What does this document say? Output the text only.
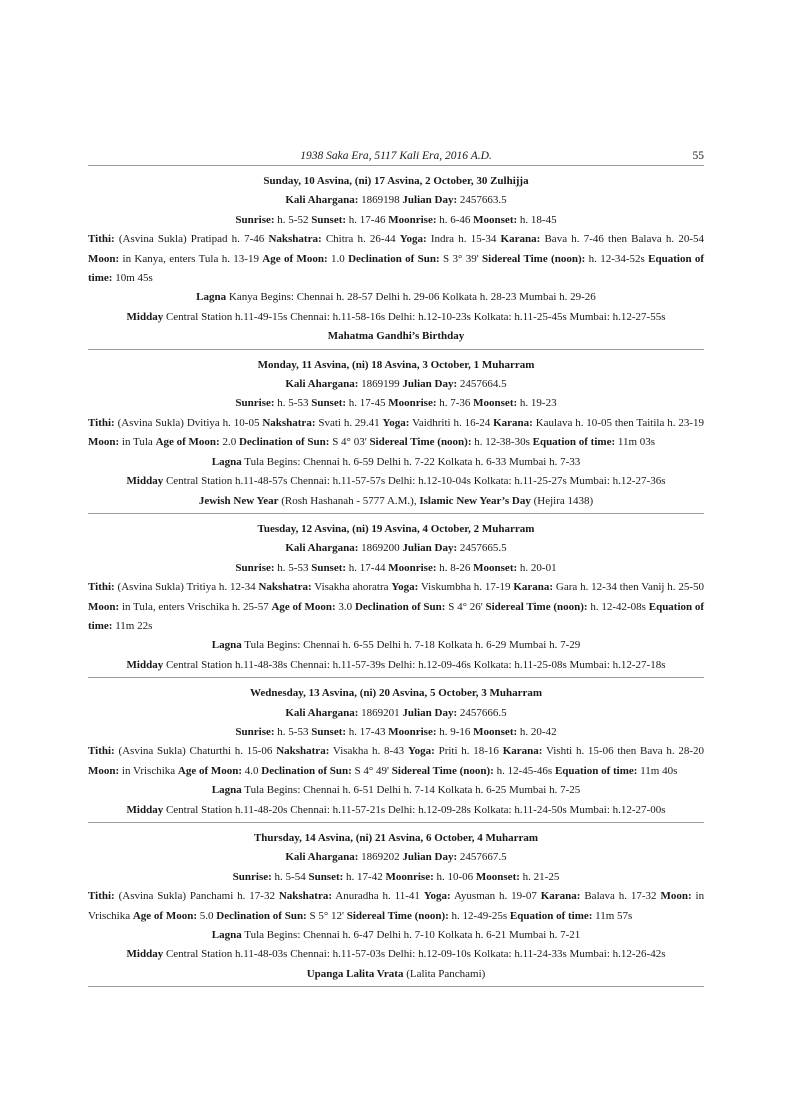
1938 Saka Era, 5117 Kali Era, 2016 A.D.	55
Sunday, 10 Asvina, (ni) 17 Asvina, 2 October, 30 Zulhijja
Kali Ahargana: 1869198 Julian Day: 2457663.5
Sunrise: h. 5-52 Sunset: h. 17-46 Moonrise: h. 6-46 Moonset: h. 18-45
Tithi: (Asvina Sukla) Pratipad h. 7-46 Nakshatra: Chitra h. 26-44 Yoga: Indra h. 15-34 Karana: Bava h. 7-46 then Balava h. 20-54 Moon: in Kanya, enters Tula h. 13-19 Age of Moon: 1.0 Declination of Sun: S 3° 39' Sidereal Time (noon): h. 12-34-52s Equation of time: 10m 45s
Lagna Kanya Begins: Chennai h. 28-57 Delhi h. 29-06 Kolkata h. 28-23 Mumbai h. 29-26
Midday Central Station h.11-49-15s Chennai: h.11-58-16s Delhi: h.12-10-23s Kolkata: h.11-25-45s Mumbai: h.12-27-55s
Mahatma Gandhi’s Birthday
Monday, 11 Asvina, (ni) 18 Asvina, 3 October, 1 Muharram
Kali Ahargana: 1869199 Julian Day: 2457664.5
Sunrise: h. 5-53 Sunset: h. 17-45 Moonrise: h. 7-36 Moonset: h. 19-23
Tithi: (Asvina Sukla) Dvitiya h. 10-05 Nakshatra: Svati h. 29.41 Yoga: Vaidhriti h. 16-24 Karana: Kaulava h. 10-05 then Taitila h. 23-19 Moon: in Tula Age of Moon: 2.0 Declination of Sun: S 4° 03' Sidereal Time (noon): h. 12-38-30s Equation of time: 11m 03s
Lagna Tula Begins: Chennai h. 6-59 Delhi h. 7-22 Kolkata h. 6-33 Mumbai h. 7-33
Midday Central Station h.11-48-57s Chennai: h.11-57-57s Delhi: h.12-10-04s Kolkata: h.11-25-27s Mumbai: h.12-27-36s
Jewish New Year (Rosh Hashanah - 5777 A.M.), Islamic New Year’s Day (Hejira 1438)
Tuesday, 12 Asvina, (ni) 19 Asvina, 4 October, 2 Muharram
Kali Ahargana: 1869200 Julian Day: 2457665.5
Sunrise: h. 5-53 Sunset: h. 17-44 Moonrise: h. 8-26 Moonset: h. 20-01
Tithi: (Asvina Sukla) Tritiya h. 12-34 Nakshatra: Visakha ahoratra Yoga: Viskumbha h. 17-19 Karana: Gara h. 12-34 then Vanij h. 25-50 Moon: in Tula, enters Vrischika h. 25-57 Age of Moon: 3.0 Declination of Sun: S 4° 26' Sidereal Time (noon): h. 12-42-08s Equation of time: 11m 22s
Lagna Tula Begins: Chennai h. 6-55 Delhi h. 7-18 Kolkata h. 6-29 Mumbai h. 7-29
Midday Central Station h.11-48-38s Chennai: h.11-57-39s Delhi: h.12-09-46s Kolkata: h.11-25-08s Mumbai: h.12-27-18s
Wednesday, 13 Asvina, (ni) 20 Asvina, 5 October, 3 Muharram
Kali Ahargana: 1869201 Julian Day: 2457666.5
Sunrise: h. 5-53 Sunset: h. 17-43 Moonrise: h. 9-16 Moonset: h. 20-42
Tithi: (Asvina Sukla) Chaturthi h. 15-06 Nakshatra: Visakha h. 8-43 Yoga: Priti h. 18-16 Karana: Vishti h. 15-06 then Bava h. 28-20 Moon: in Vrischika Age of Moon: 4.0 Declination of Sun: S 4° 49' Sidereal Time (noon): h. 12-45-46s Equation of time: 11m 40s
Lagna Tula Begins: Chennai h. 6-51 Delhi h. 7-14 Kolkata h. 6-25 Mumbai h. 7-25
Midday Central Station h.11-48-20s Chennai: h.11-57-21s Delhi: h.12-09-28s Kolkata: h.11-24-50s Mumbai: h.12-27-00s
Thursday, 14 Asvina, (ni) 21 Asvina, 6 October, 4 Muharram
Kali Ahargana: 1869202 Julian Day: 2457667.5
Sunrise: h. 5-54 Sunset: h. 17-42 Moonrise: h. 10-06 Moonset: h. 21-25
Tithi: (Asvina Sukla) Panchami h. 17-32 Nakshatra: Anuradha h. 11-41 Yoga: Ayusman h. 19-07 Karana: Balava h. 17-32 Moon: in Vrischika Age of Moon: 5.0 Declination of Sun: S 5° 12' Sidereal Time (noon): h. 12-49-25s Equation of time: 11m 57s
Lagna Tula Begins: Chennai h. 6-47 Delhi h. 7-10 Kolkata h. 6-21 Mumbai h. 7-21
Midday Central Station h.11-48-03s Chennai: h.11-57-03s Delhi: h.12-09-10s Kolkata: h.11-24-33s Mumbai: h.12-26-42s
Upanga Lalita Vrata (Lalita Panchami)
